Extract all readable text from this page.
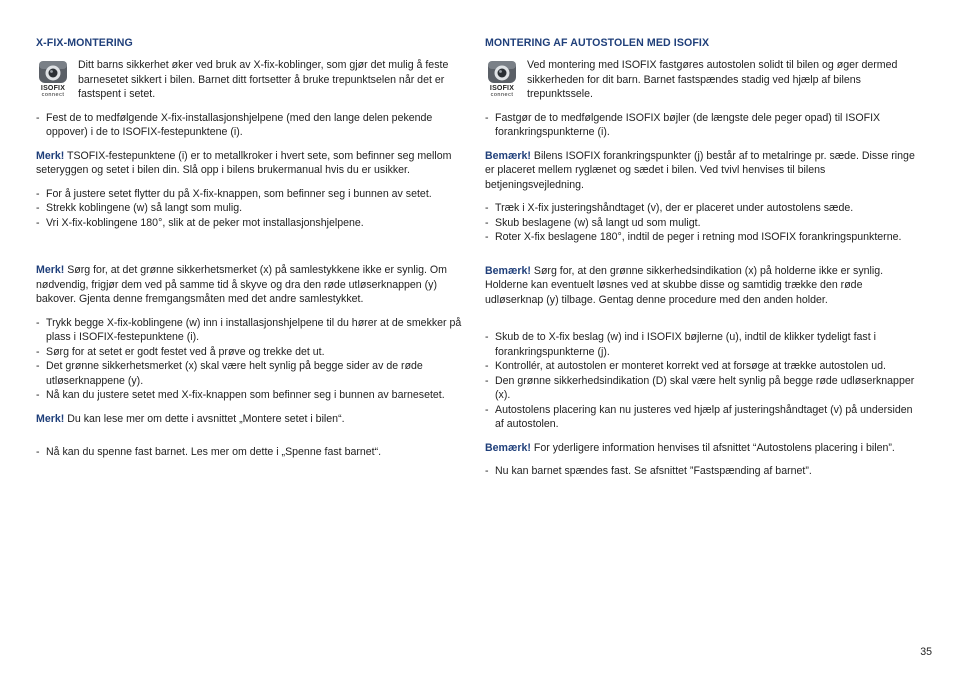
X-FIX-MONTERING
ISOFIX
connect
Ditt barns sikkerhet øker ved bruk av X-fix-koblinger, som gjør det mulig å feste barnesetet sikkert i bilen. Barnet ditt fortsetter å bruke trepunktselen når det er fastspent i setet.
- Fest de to medfølgende X-fix-installasjonshjelpene (med den lange delen pekende oppover) i de to ISOFIX-festepunktene (i).

Merk! TSOFIX-festepunktene (i) er to metallkroker i hvert sete, som befinner seg mellom seteryggen og setet i bilen din. Slå opp i bilens brukermanual hvis du er usikker.

- For å justere setet flytter du på X-fix-knappen, som befinner seg i bunnen av setet.
- Strekk koblingene (w) så langt som mulig.
- Vri X-fix-koblingene 180°, slik at de peker mot installasjonshjelpene.

Merk! Sørg for, at det grønne sikkerhetsmerket (x) på samlestykkene ikke er synlig. Om nødvendig, frigjør dem ved på samme tid å skyve og dra den røde utløserknappen (y) bakover. Gjenta denne fremgangsmåten med det andre samlestykket.

- Trykk begge X-fix-koblingene (w) inn i installasjonshjelpene til du hører at de smekker på plass i ISOFIX-festepunktene (i).
- Sørg for at setet er godt festet ved å prøve og trekke det ut.
- Det grønne sikkerhetsmerket (x) skal være helt synlig på begge sider av de røde utløserknappene (y).
- Nå kan du justere setet med X-fix-knappen som befinner seg i bunnen av barnesetet.

Merk! Du kan lese mer om dette i avsnittet „Montere setet i bilen“.

- Nå kan du spenne fast barnet. Les mer om dette i „Spenne fast barnet“.
MONTERING AF AUTOSTOLEN MED ISOFIX
ISOFIX
connect
Ved montering med ISOFIX fastgøres autostolen solidt til bilen og øger dermed sikkerheden for dit barn. Barnet fastspændes stadig ved hjælp af bilens trepunktssele.
- Fastgør de to medfølgende ISOFIX bøjler (de længste dele peger opad) til ISOFIX forankringspunkterne (i).

Bemærk! Bilens ISOFIX forankringspunkter (j) består af to metalringe pr. sæde. Disse ringe er placeret mellem ryglænet og sædet i bilen. Ved tvivl henvises til bilens betjeningsvejledning.

- Træk i X-fix justeringshåndtaget (v), der er placeret under autostolens sæde.
- Skub beslagene (w) så langt ud som muligt.
- Roter X-fix beslagene 180°, indtil de peger i retning mod ISOFIX forankringspunkterne.

Bemærk! Sørg for, at den grønne sikkerhedsindikation (x) på holderne ikke er synlig. Holderne kan eventuelt løsnes ved at skubbe disse og samtidig trække den røde udløserknap (y) tilbage. Gentag denne procedure med den anden holder.

- Skub de to X-fix beslag (w) ind i ISOFIX bøjlerne (u), indtil de klikker tydeligt fast i forankringspunkterne (j).
- Kontrollér, at autostolen er monteret korrekt ved at forsøge at trække autostolen ud.
- Den grønne sikkerhedsindikation (D) skal være helt synlig på begge røde udløserknapper (x).
- Autostolens placering kan nu justeres ved hjælp af justeringshåndtaget (v) på undersiden af autostolen.

Bemærk! For yderligere information henvises til afsnittet “Autostolens placering i bilen”.

- Nu kan barnet spændes fast. Se afsnittet ”Fastspænding af barnet”.
35
